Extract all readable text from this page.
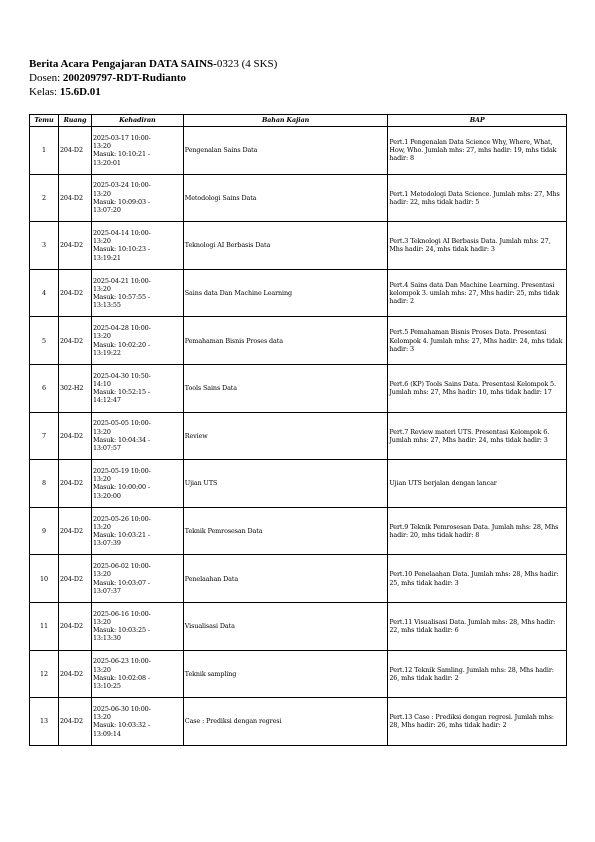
Berita Acara Pengajaran DATA SAINS-0323 (4 SKS)
Dosen: 200209797-RDT-Rudianto
Kelas: 15.6D.01
Temu	Ruang	Kehadiran	Bahan Kajian	BAP
1	204-D2	2025-03-17 10:00-
13:20
Masuk: 10:10:21 -
13:20:01	Pengenalan Sains Data	Pert.1 Pengenalan Data Science Why, Where, What, How, Who. Jumlah mhs: 27, mhs hadir: 19, mhs tidak hadir: 8
2	204-D2	2025-03-24 10:00-
13:20
Masuk: 10:09:03 -
13:07:20	Metodologi Sains Data	Pert.1 Metodologi Data Science. Jumlah mhs: 27, Mhs hadir: 22, mhs tidak hadir: 5
3	204-D2	2025-04-14 10:00-
13:20
Masuk: 10:10:23 -
13:19:21	Teknologi AI Berbasis Data	Pert.3 Teknologi AI Berbasis Data. Jumlah mhs: 27, Mhs hadir: 24, mhs tidak hadir: 3
4	204-D2	2025-04-21 10:00-
13:20
Masuk: 10:57:55 -
13:13:55	Sains data Dan Machine Learning	Pert.4 Sains data Dan Machine Learning. Presentasi kelompok 3. umlah mhs: 27, Mhs hadir: 25, mhs tidak hadir: 2
5	204-D2	2025-04-28 10:00-
13:20
Masuk: 10:02:20 -
13:19:22	Pemahaman Bisnis Proses data	Pert.5 Pemahaman Bisnis Proses Data. Presentasi Kelompok 4. Jumlah mhs: 27, Mhs hadir: 24, mhs tidak hadir: 3
6	302-H2	2025-04-30 10:50-
14:10
Masuk: 10:52:15 -
14:12:47	Tools Sains Data	Pert.6 (KP) Tools Sains Data. Presentasi Kelompok 5. Jumlah mhs: 27, Mhs hadir: 10, mhs tidak hadir: 17
7	204-D2	2025-05-05 10:00-
13:20
Masuk: 10:04:34 -
13:07:57	Review	Pert.7 Review materi UTS. Presentasi Kelompok 6. Jumlah mhs: 27, Mhs hadir: 24, mhs tidak hadir: 3
8	204-D2	2025-05-19 10:00-
13:20
Masuk: 10:00:00 -
13:20:00	Ujian UTS	Ujian UTS berjalan dengan lancar
9	204-D2	2025-05-26 10:00-
13:20
Masuk: 10:03:21 -
13:07:39	Teknik Pemrosesan Data	Pert.9 Teknik Pemrosesan Data. Jumlah mhs: 28, Mhs hadir: 20, mhs tidak hadir: 8
10	204-D2	2025-06-02 10:00-
13:20
Masuk: 10:03:07 -
13:07:37	Penelaahan Data	Pert.10 Penelaahan Data. Jumlah mhs: 28, Mhs hadir: 25, mhs tidak hadir: 3
11	204-D2	2025-06-16 10:00-
13:20
Masuk: 10:03:25 -
13:13:30	Visualisasi Data	Pert.11 Visualisasi Data. Jumlah mhs: 28, Mhs hadir: 22, mhs tidak hadir: 6
12	204-D2	2025-06-23 10:00-
13:20
Masuk: 10:02:08 -
13:10:25	Teknik sampling	Pert.12 Teknik Samling. Jumlah mhs: 28, Mhs hadir: 26, mhs tidak hadir: 2
13	204-D2	2025-06-30 10:00-
13:20
Masuk: 10:03:32 -
13:09:14	Case : Prediksi dengan regresi	Pert.13 Case : Prediksi dengan regresi. Jumlah mhs: 28, Mhs hadir: 26, mhs tidak hadir: 2
